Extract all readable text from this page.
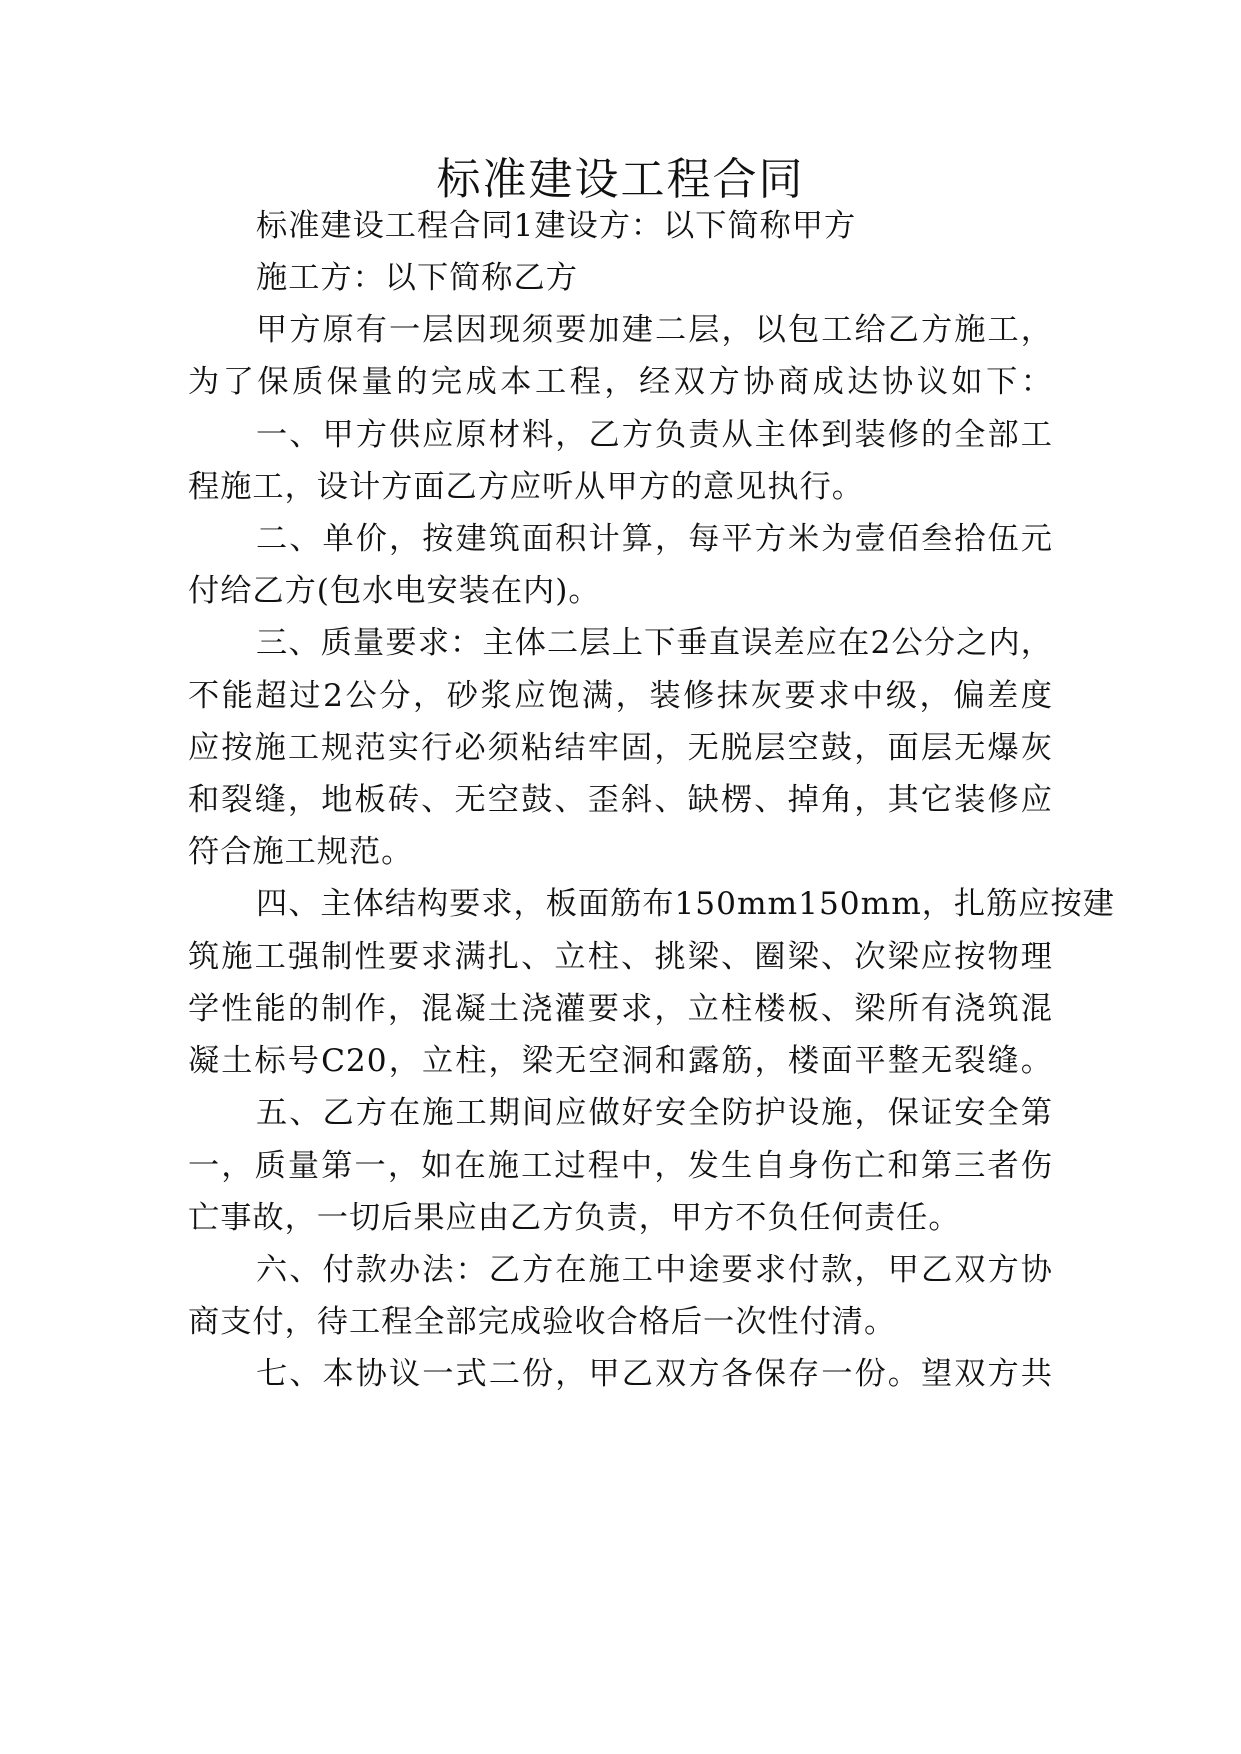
标准建设工程合同
标准建设工程合同1建设方：以下简称甲方
施工方：以下简称乙方
甲方原有一层因现须要加建二层，以包工给乙方施工，
为了保质保量的完成本工程，经双方协商成达协议如下：
一、甲方供应原材料，乙方负责从主体到装修的全部工
程施工，设计方面乙方应听从甲方的意见执行。
二、单价，按建筑面积计算，每平方米为壹佰叁拾伍元
付给乙方(包水电安装在内)。
三、质量要求：主体二层上下垂直误差应在2公分之内，
不能超过2公分，砂浆应饱满，装修抹灰要求中级，偏差度
应按施工规范实行必须粘结牢固，无脱层空鼓，面层无爆灰
和裂缝，地板砖、无空鼓、歪斜、缺楞、掉角，其它装修应
符合施工规范。
四、主体结构要求，板面筋布150mm150mm，扎筋应按建
筑施工强制性要求满扎、立柱、挑梁、圈梁、次梁应按物理
学性能的制作，混凝土浇灌要求，立柱楼板、梁所有浇筑混
凝土标号C20，立柱，梁无空洞和露筋，楼面平整无裂缝。
五、乙方在施工期间应做好安全防护设施，保证安全第
一，质量第一，如在施工过程中，发生自身伤亡和第三者伤
亡事故，一切后果应由乙方负责，甲方不负任何责任。
六、付款办法：乙方在施工中途要求付款，甲乙双方协
商支付，待工程全部完成验收合格后一次性付清。
七、本协议一式二份，甲乙双方各保存一份。望双方共
